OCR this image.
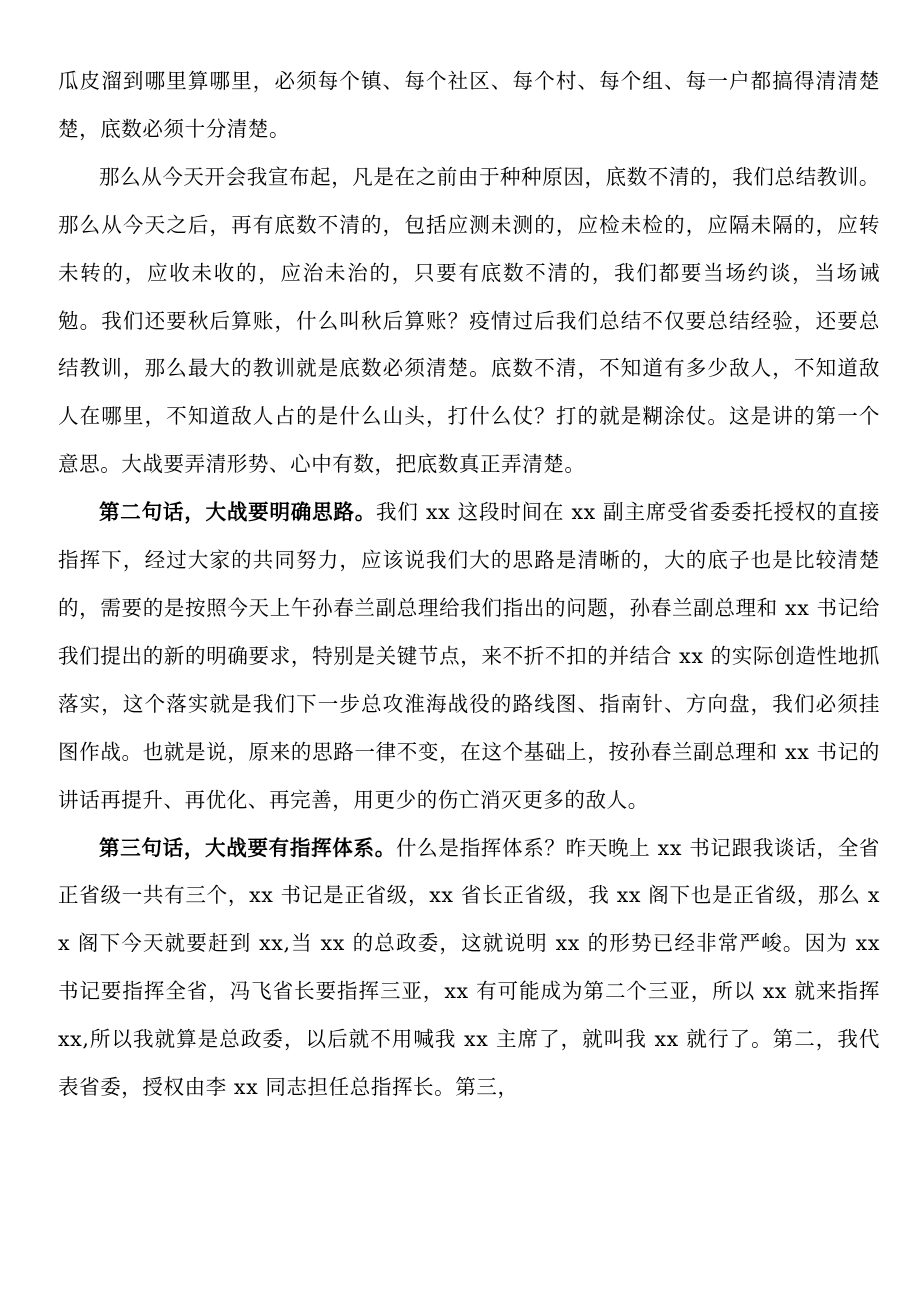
瓜皮溜到哪里算哪里，必须每个镇、每个社区、每个村、每个组、每一户都搞得清清楚楚，底数必须十分清楚。

那么从今天开会我宣布起，凡是在之前由于种种原因，底数不清的，我们总结教训。那么从今天之后，再有底数不清的，包括应测未测的，应检未检的，应隔未隔的，应转未转的，应收未收的，应治未治的，只要有底数不清的，我们都要当场约谈，当场诫勉。我们还要秋后算账，什么叫秋后算账？疫情过后我们总结不仅要总结经验，还要总结教训，那么最大的教训就是底数必须清楚。底数不清，不知道有多少敌人，不知道敌人在哪里，不知道敌人占的是什么山头，打什么仗？打的就是糊涂仗。这是讲的第一个意思。大战要弄清形势、心中有数，把底数真正弄清楚。

第二句话，大战要明确思路。我们 xx 这段时间在 xx 副主席受省委委托授权的直接指挥下，经过大家的共同努力，应该说我们大的思路是清晰的，大的底子也是比较清楚的，需要的是按照今天上午孙春兰副总理给我们指出的问题，孙春兰副总理和 xx 书记给我们提出的新的明确要求，特别是关键节点，来不折不扣的并结合 xx 的实际创造性地抓落实，这个落实就是我们下一步总攻淮海战役的路线图、指南针、方向盘，我们必须挂图作战。也就是说，原来的思路一律不变，在这个基础上，按孙春兰副总理和 xx 书记的讲话再提升、再优化、再完善，用更少的伤亡消灭更多的敌人。

第三句话，大战要有指挥体系。什么是指挥体系？昨天晚上 xx 书记跟我谈话，全省正省级一共有三个，xx 书记是正省级，xx 省长正省级，我 xx 阁下也是正省级，那么 xx 阁下今天就要赶到 xx,当 xx 的总政委，这就说明 xx 的形势已经非常严峻。因为 xx 书记要指挥全省，冯飞省长要指挥三亚，xx 有可能成为第二个三亚，所以 xx 就来指挥 xx,所以我就算是总政委，以后就不用喊我 xx 主席了，就叫我 xx 就行了。第二，我代表省委，授权由李 xx 同志担任总指挥长。第三，
